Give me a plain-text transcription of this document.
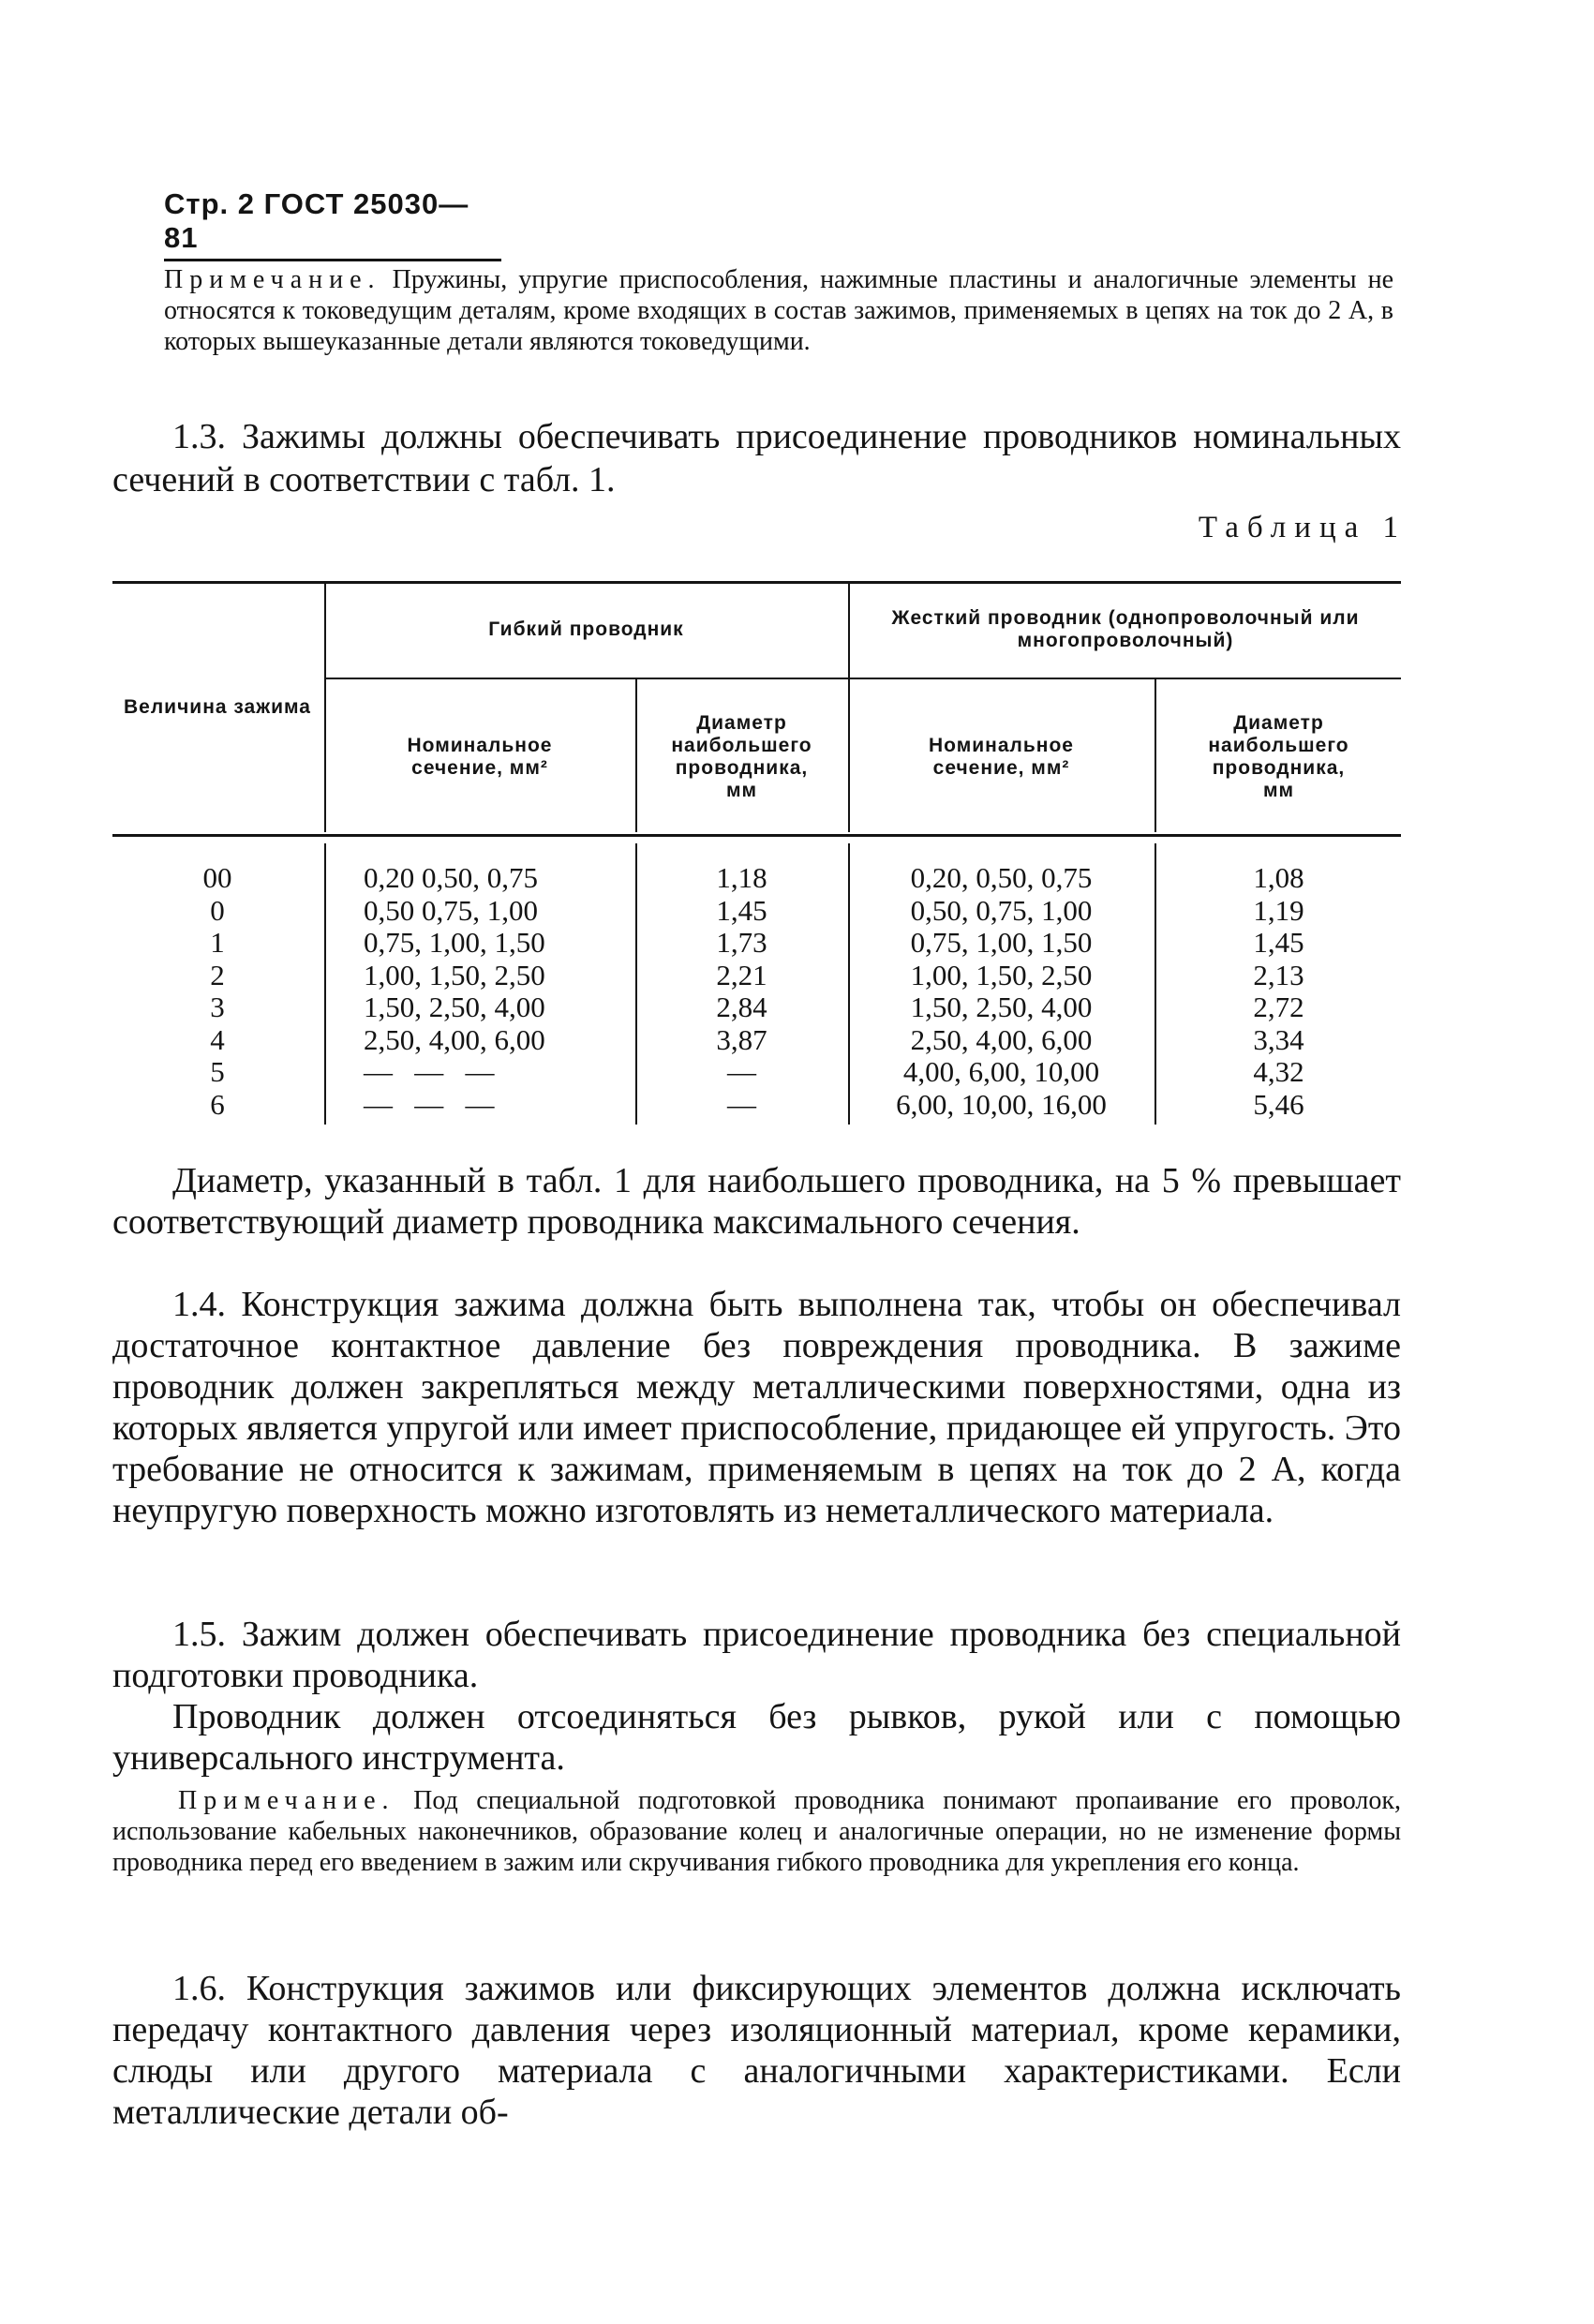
Стр. 2 ГОСТ 25030—81
Примечание. Пружины, упругие приспособления, нажимные пластины и аналогичные элементы не относятся к токоведущим деталям, кроме входящих в состав зажимов, применяемых в цепях на ток до 2 А, в которых вышеуказанные детали являются токоведущими.
1.3. Зажимы должны обеспечивать присоединение проводников номинальных сечений в соответствии с табл. 1.
Таблица 1
Величина зажима
Гибкий проводник
Жесткий проводник (однопроволочный или многопроволочный)
Номинальное сечение, мм²
Диаметр наибольшего проводника, мм
Номинальное сечение, мм²
Диаметр наибольшего проводника, мм
00
0
1
2
3
4
5
6
0,20 0,50, 0,75
0,50 0,75, 1,00
0,75, 1,00, 1,50
1,00, 1,50, 2,50
1,50, 2,50, 4,00
2,50, 4,00, 6,00
—   —   —
—   —   —
1,18
1,45
1,73
2,21
2,84
3,87
—
—
0,20, 0,50, 0,75
0,50, 0,75, 1,00
0,75, 1,00, 1,50
1,00, 1,50, 2,50
1,50, 2,50, 4,00
2,50, 4,00, 6,00
4,00, 6,00, 10,00
6,00, 10,00, 16,00
1,08
1,19
1,45
2,13
2,72
3,34
4,32
5,46
Диаметр, указанный в табл. 1 для наибольшего проводника, на 5 % превышает соответствующий диаметр проводника максимального сечения.
1.4. Конструкция зажима должна быть выполнена так, чтобы он обеспечивал достаточное контактное давление без повреждения проводника. В зажиме проводник должен закрепляться между металлическими поверхностями, одна из которых является упругой или имеет приспособление, придающее ей упругость. Это требование не относится к зажимам, применяемым в цепях на ток до 2 А, когда неупругую поверхность можно изготовлять из неметаллического материала.
1.5. Зажим должен обеспечивать присоединение проводника без специальной подготовки проводника.
Проводник должен отсоединяться без рывков, рукой или с помощью универсального инструмента.
Примечание. Под специальной подготовкой проводника понимают пропаивание его проволок, использование кабельных наконечников, образование колец и аналогичные операции, но не изменение формы проводника перед его введением в зажим или скручивания гибкого проводника для укрепления его конца.
1.6. Конструкция зажимов или фиксирующих элементов должна исключать передачу контактного давления через изоляционный материал, кроме керамики, слюды или другого материала с аналогичными характеристиками. Если металлические детали об-
